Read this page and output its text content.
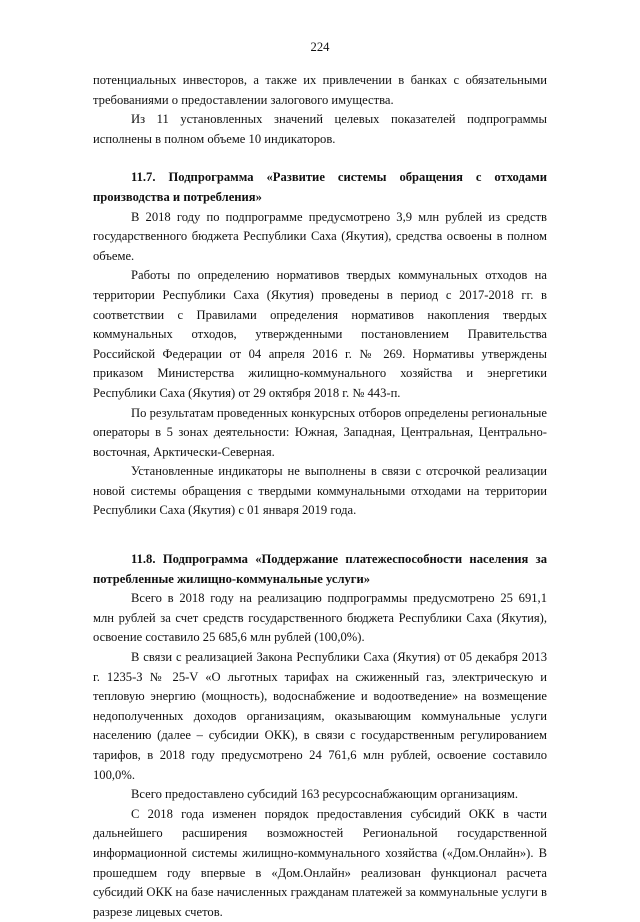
224

потенциальных инвесторов, а также их привлечении в банках с обязательными требованиями о предоставлении залогового имущества.

Из 11 установленных значений целевых показателей подпрограммы исполнены в полном объеме 10 индикаторов.

11.7. Подпрограмма «Развитие системы обращения с отходами производства и потребления»

В 2018 году по подпрограмме предусмотрено 3,9 млн рублей из средств государственного бюджета Республики Саха (Якутия), средства освоены в полном объеме.

Работы по определению нормативов твердых коммунальных отходов на территории Республики Саха (Якутия) проведены в период с 2017-2018 гг. в соответствии с Правилами определения нормативов накопления твердых коммунальных отходов, утвержденными постановлением Правительства Российской Федерации от 04 апреля 2016 г. № 269. Нормативы утверждены приказом Министерства жилищно-коммунального хозяйства и энергетики Республики Саха (Якутия) от 29 октября 2018 г. № 443-п.

По результатам проведенных конкурсных отборов определены региональные операторы в 5 зонах деятельности: Южная, Западная, Центральная, Центрально-восточная, Арктически-Северная.

Установленные индикаторы не выполнены в связи с отсрочкой реализации новой системы обращения с твердыми коммунальными отходами на территории Республики Саха (Якутия) с 01 января 2019 года.

11.8. Подпрограмма «Поддержание платежеспособности населения за потребленные жилищно-коммунальные услуги»

Всего в 2018 году на реализацию подпрограммы предусмотрено 25 691,1 млн рублей за счет средств государственного бюджета Республики Саха (Якутия), освоение составило 25 685,6 млн рублей (100,0%).

В связи с реализацией Закона Республики Саха (Якутия) от 05 декабря 2013 г. 1235-З № 25-V «О льготных тарифах на сжиженный газ, электрическую и тепловую энергию (мощность), водоснабжение и водоотведение» на возмещение недополученных доходов организациям, оказывающим коммунальные услуги населению (далее – субсидии ОКК), в связи с государственным регулированием тарифов, в 2018 году предусмотрено 24 761,6 млн рублей, освоение составило 100,0%.

Всего предоставлено субсидий 163 ресурсоснабжающим организациям.

С 2018 года изменен порядок предоставления субсидий ОКК в части дальнейшего расширения возможностей Региональной государственной информационной системы жилищно-коммунального хозяйства («Дом.Онлайн»). В прошедшем году впервые в «Дом.Онлайн» реализован функционал расчета субсидий ОКК на базе начисленных гражданам платежей за коммунальные услуги в разрезе лицевых счетов.
